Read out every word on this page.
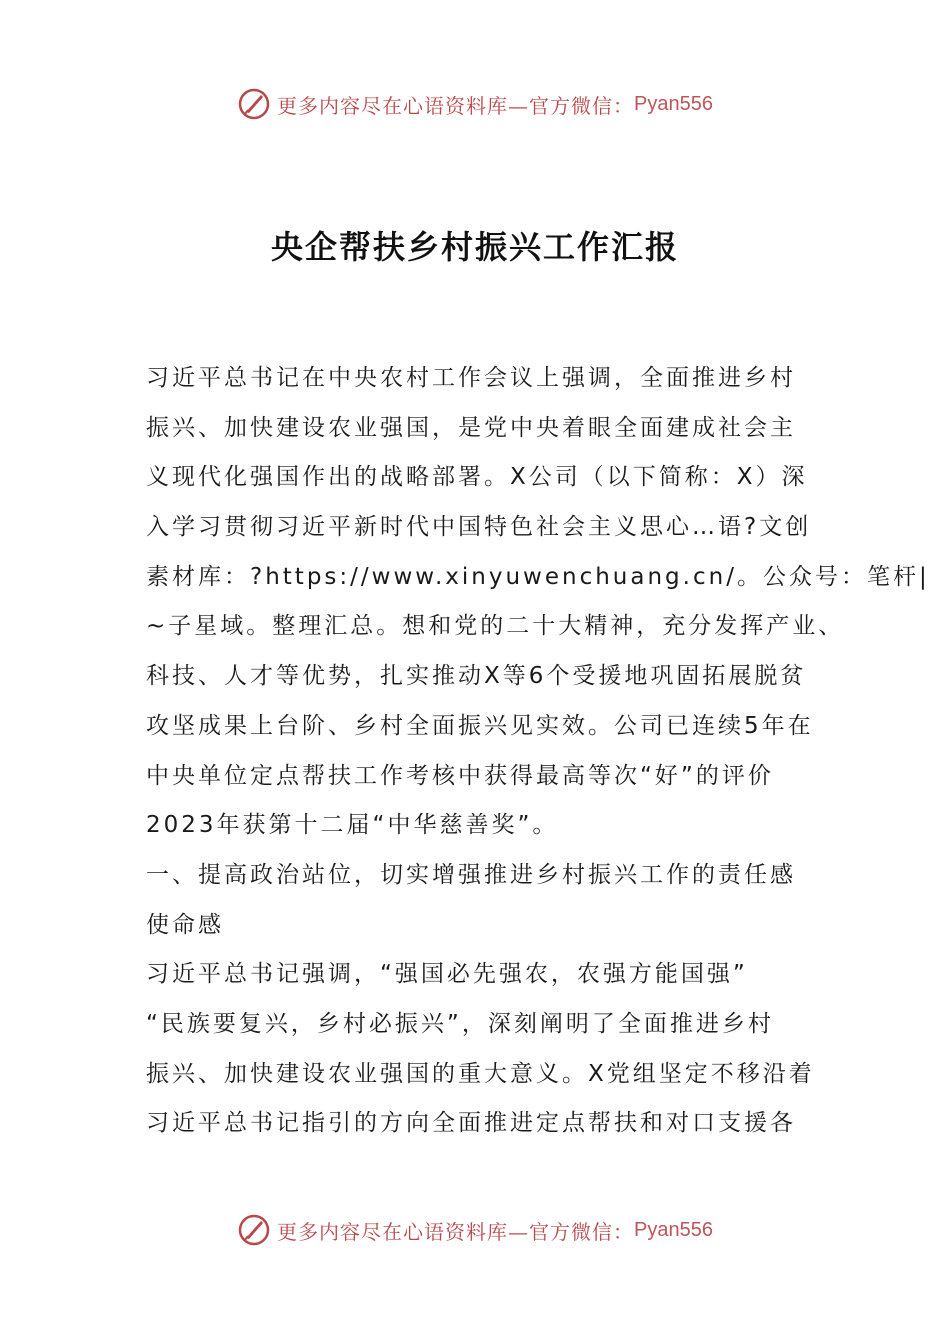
更多内容尽在心语资料库—官方微信： Pyan556
央企帮扶乡村振兴工作汇报
习近平总书记在中央农村工作会议上强调，全面推进乡村
振兴、加快建设农业强国，是党中央着眼全面建成社会主
义现代化强国作出的战略部署。X公司（以下简称：X）深
入学习贯彻习近平新时代中国特色社会主义思心…语?文创
素材库：?https://www.xinyuwenchuang.cn/。公众号：笔杆|
~子星域。整理汇总。想和党的二十大精神，充分发挥产业、
科技、人才等优势，扎实推动X等6个受援地巩固拓展脱贫
攻坚成果上台阶、乡村全面振兴见实效。公司已连续5年在
中央单位定点帮扶工作考核中获得最高等次“好”的评价
2023年获第十二届“中华慈善奖”。
一、提高政治站位，切实增强推进乡村振兴工作的责任感
使命感
习近平总书记强调，“强国必先强农，农强方能国强”
“民族要复兴，乡村必振兴”，深刻阐明了全面推进乡村
振兴、加快建设农业强国的重大意义。X党组坚定不移沿着
习近平总书记指引的方向全面推进定点帮扶和对口支援各
更多内容尽在心语资料库—官方微信： Pyan556
